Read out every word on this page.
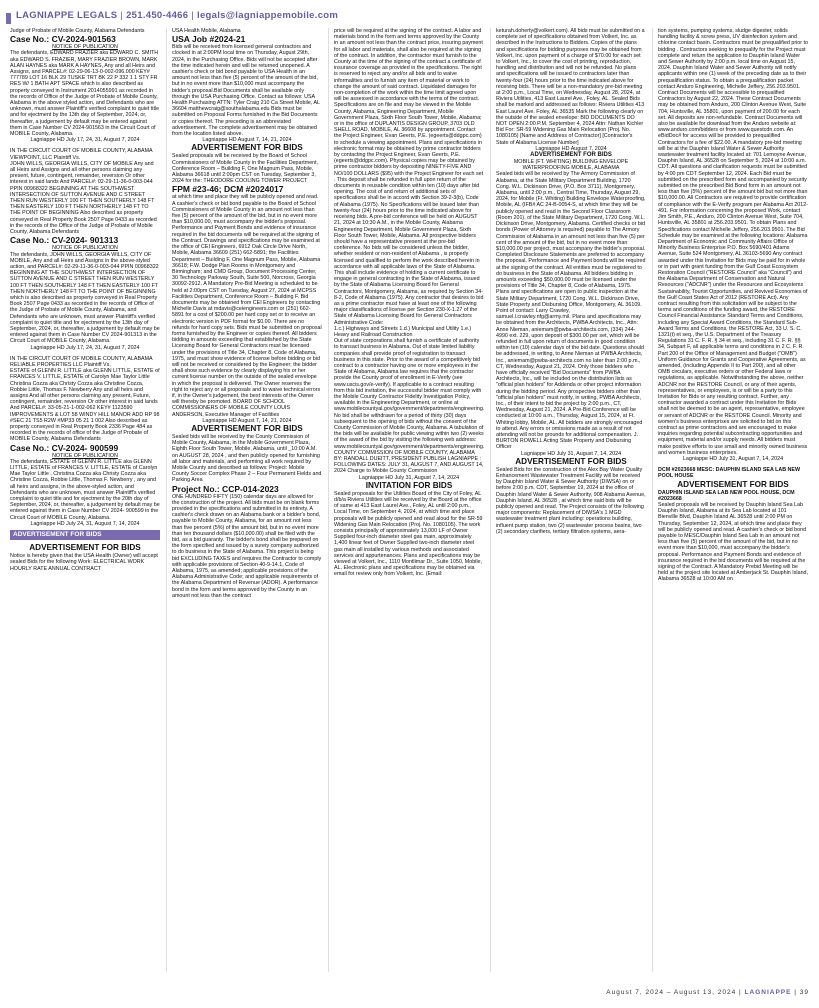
LAGNIAPPE LEGALS | 251.450-4466 | legals@lagniappemobile.com

Judge of Probate of Mobile County, Alabama Defendants

Case No.: CV-2024-901563

NOTICE OF PUBLICATION

The defendants, EDWARD FRAZIER aka EDWARD C. SMITH aka EDWARD S. FRAZIER, MARY FRAZIER BROWN, MARK ALAN HAYNES aka MARK A HAYNES, Any and all Heirs and Assigns, and PARCEL#: 02-29-06-13-0-002-096.000 KEY# 777789 LOT 16 BLK 29 TUSKE TRT BK 22 P 332 1 1 STY FR RES W/ 1 BATH APT SPACE which is also described as property conveyed in Instrument 2014055991 as recorded in the records of Office of the Judge of Probate of Mobile County, Alabama in the above styled action, and Defendants who are unknown, must answer Plaintiff's verified complaint to quiet title and for ejectment by the 13th day of September, 2024, or, thereafter, a judgement by default may be entered against them in Case Number CV 2024-901563 in the Circuit Court of MOBILE County, Alabama.

Lagniappe HD July 17, 24, 31, August 7, 2024

IN THE CIRCUIT COURT OF MOBILE COUNTY, ALABAMA VIEWPOINT, LLC Plaintiff Vs.

JOHN WILLS, GEORGIA WILLS, CITY OF MOBILE Any and all Heirs and Assigns and all other persons claiming any present, future, contingent, remainder, reversion Or other interest in said lands And PARCEL#: 02-29-11-36-0-003-044 PPIN 00968322 BEGINNING AT THE SOUTHWEST INTERSECTION OF SUTTON AVENUE AND C STREET THEN RUN WESTERLY 100 FT THEN SOUTHERLY 148 FT THEN EASTERLY 100 FT THEN NORTHERLY 148 FT TO THE POINT OF BEGINNING Also described as property conveyed in Real Property Book 2507 Page 0433 as recorded in the records of the Office of the Judge of Probate of Mobile County, Alabama Defendants

Case No.: CV-2024- 901313

NOTICE OF PUBLICATION

The defendants, JOHN WILLS, GEORGIA WILLS, CITY OF MOBILE, Any and all Heirs and Assigns in the above-styled action, and PARCEL#: 02-29-11-36-0-003-044 PPIN 00968322 BEGINNING AT THE SOUTHWEST INTERSECTION OF SUTTON AVENUE AND C STREET THEN RUN WESTERLY 100 FT THEN SOUTHERLY 148 FT THEN EASTERLY 100 FT THEN NORTHERLY 148 FT TO THE POINT OF BEGINNING which is also described as property conveyed in Real Property Book 2507 Page 0433 as recorded in the records of Office of the Judge of Probate of Mobile County, Alabama, and Defendants who are unknown, must answer Plaintiff's verified complaint to quiet title and for ejectment by the 13th day of September, 2024, or, thereafter, a judgement by default may be entered against them in Case Number CV 2024-901313 in the Circuit Court of MOBILE County, Alabama.

Lagniappe HD July 17, 24, 31, August 7, 2024

IN THE CIRCUIT COURT OF MOBILE COUNTY, ALABAMA RELIABLE PROPERTIES LLC Plaintiff Vs.

ESTATE of GLENN R. LITTLE aka GLENN LITTLE, ESTATE of FRANCES V. LITTLE, ESTATE of Carolyn Mae Taylor Little Christina Cozza aka Christy Cozza aka Christine Cozza, Robbie Little, Thomas F. Newberry Any and all heirs and assigns And all other persons claiming any present, Future, contingent, remainder, reversion Or other interest in said lands And PARCEL#: 33-05-21-1-002-062 KEY# 1123590 IMPROVEMENTS & LOT 58 WINDY HILL MANOR ADD RP 98 #SEC 21 TS5 R2W #MP33 05 21 1 002 Also described as property conveyed in Real Property Book 2336 Page 484 as recorded in the records of office of the Judge of Probate of MOBILE County, Alabama Defendants

Case No.: CV-2024- 900599

NOTICE OF PUBLICATION

The defendants, ESTATE of GLENN R. LITTLE aka GLENN LITTLE, ESTATE of FRANCES V. LITTLE, ESTATE of Carolyn Mae Taylor Little , Christina Cozza aka Christy Cozza aka Christine Cozza, Robbie Little, Thomas F. Newberry , any and all heirs and assigns, in the above-styled action, and Defendants who are unknown, must answer Plaintiff's verified complaint to quiet title and for ejectment by the 20th day of September, 2024, or, thereafter, a judgement by default may be entered against them in Case Number CV 2024- 900599 in the Circuit Court of MOBILE County, Alabama.

Lagniappe HD July 24, 31, August 7, 14, 2024

ADVERTISEMENT FOR BIDS
ADVERTISEMENT FOR BIDS

Notice is hereby given that the USA Health (Owner) will accept sealed Bids for the following Work: ELECTRICAL WORK HOURLY RATE ANNUAL CONTRACT

USA Health Mobile, Alabama

USA Job #2024-21

Bids will be received from licensed general contractors and clocked in at 2:00PM local time on Thursday, August 29th, 2024, in the Purchasing Office. Bids will not be accepted after the time indicated herein and will be returned unopened. A cashier's check or bid bond payable to USA Health in an amount not less than five (5) percent of the amount of the bid, but in no event more than $10,000 must accompany the bidder's proposal.Bid Documents shall be available only through the USA Purchasing Office. Contact as follows: USA Health Purchasing ATTN: Tyler Craig 210 Ca Street Mobile, AL 36604 matthewcraig@southalabama.edu Bids must be submitted on Proposal Forms furnished in the Bid Documents or copies thereof. The preceding is an abbreviated advertisement. The complete advertisement may be obtained from the location listed above.

Lagniappe HD August 7, 14, 21, 2024

ADVERTISEMENT FOR BIDS

Sealed proposals will be received by the Board of School Commissioners of Mobile County in the Facilities Department, Conference Room – Building F, One Magnum Pass, Mobile, Alabama 36618 until 2:00pm CST on Tuesday, September 3, 2024 for the: THEODORE COOLING TOWER PROJECT

FPM #23-46; DCM #2024017

at which time and place they will be publicly opened and read. A cashier's check or bid bond payable to the Board of School Commissioners of Mobile County in an amount not less than five (5) percent of the amount of the bid, but in no event more than $10,000.00, must accompany the bidder's proposal. Performance and Payment Bonds and evidence of insurance required in the bid documents will be required at the signing of the Contract. Drawings and specifications may be examined at the office of CEI Engineers, 6912 Oak Circle Drive North, Mobile, Alabama 36609 (251) 662-5891; the Facilities Department – Building F, One Magnum Pass, Mobile, Alabama 36618; F.W. Dodge Plan Rooms in Montgomery and Birmingham; and CMD Group, Document Processing Center, 30 Technology Parkway South, Suite 500, Norcross, Georgia 30092-2912. A Mandatory Pre-Bid Meeting is scheduled to be held at 2:00pm CST on Tuesday, August 27, 2024 at MCPSS Facilities Department, Conference Room – Building F. Bid documents may be obtained from CEI Engineers by contacting Michelle Davis at mdavis@ceiengineers.com or (251) 662-5891 for a cost of $200.00 per hard copy set or to receive an electronic version in PDF format for $0.00. There are no refunds for hard copy sets. Bids must be submitted on proposal forms furnished by the Engineer or copies thereof. All bidders bidding in amounts exceeding that established by the State Licensing Board for General Contractors must be licensed under the provisions of Title 34, Chapter 8, Code of Alabama, 1975, and must show evidence of license before bidding or bid will not be received or considered by the Engineer; the bidder shall show such evidence by clearly displaying his or her current license number on the outside of the sealed envelope in which the proposal is delivered. The Owner reserves the right to reject any or all proposals and to waive technical errors if, in the Owner's judgement, the best interests of the Owner will thereby be promoted. BOARD OF SCHOOL COMMISSIONERS OF MOBILE COUNTY LOUIS ANDERSON, Executive Manager of Facilities

Lagniappe HD August 7, 14, 21, 2024

ADVERTISEMENT FOR BIDS

Sealed bids will be received by the County Commission of Mobile County, Alabama, in the Mobile Government Plaza, Eighth Floor South Tower, Mobile, Alabama, until _10:00 A.M. on AUGUST 28, 2024 , and then publicly opened for furnishing all labor and materials, and performing all work required by Mobile County and described as follows: Project: Mobile County Soccer Complex Phase 2 – Four Permanent Fields and Parking Area

Project No.: CCP-014-2023

ONE HUNDRED FIFTY (150) calendar days are allowed for the construction of the project. All bids must be on blank forms provided in the specifications and submitted in its entirety. A cashier's check drawn on an Alabama bank or a bidder's bond, payable to Mobile County, Alabama, for an amount not less than five percent (5%) of the amount bid, but in no event more than ten thousand dollars ($10,000.00) shall be filed with the bid, as a bid guaranty. The bidder's bond shall be prepared on the form specified and issued by a surety company authorized to do business in the State of Alabama. This project is being bid EXCLUDING TAXES and requires the Contractor to comply with applicable provisions of Section 40-9-14.1, Code of Alabama, 1975, as amended; applicable provisions of the Alabama Administrative Code; and applicable requirements of the Alabama Department of Revenue (ADOR). A performance bond in the form and terms approved by the County in an amount not less than the contract

price will be required at the signing of the contract. A labor and materials bond in the form and terms approved by the County in an amount not less than the contract price, insuring payment for all labor and materials, shall also be required at the signing of the contract. In addition, the contractor must furnish to the County at the time of the signing of the contract a certificate of insurance coverage as provided in the specifications. The right is reserved to reject any and/or all bids and to waive informalities and to furnish any item of material or work to change the amount of said contract. Liquidated damages for non-completion of the work within the time limit agreed upon will be assessed in accordance with the terms of the contract. Specifications are on file and may be viewed in the Mobile County, Alabama, Engineering Department, Mobile Government Plaza, Sixth Floor South Tower, Mobile, Alabama; or in the office of DUPLANTIS DESIGN GROUP, 3703 OLD SHELL ROAD, MOBILE, AL 36608 by appointment. Contact the Project Engineer, Evan Geerts, P.E. (egeerts@ddgpc.com) to schedule a viewing appointment. Plans and specifications in electronic format may be obtained by prime contractor bidders by contacting the Project Engineer, Evan Geerts, P.E. (egeerts@ddgpc.com). Physical copies may be obtained by prime contractor bidders by depositing NINETY-FIVE AND NO/100 DOLLARS ($95) with the Project Engineer for each set . This deposit shall be refunded in full upon return of the documents in reusable condition within ten (10) days after bid opening. The cost of and return of additional sets of specifications shall be in accord with Section 39-2-3(b), Code of Alabama (1975). No Specifications will be issued later than twenty-four (24) hours prior to the time indicated above for receiving bids. A pre-bid conference will be held on AUGUST 21, 2024 at 10:30 A.M., in the Mobile County, Alabama Engineering Department, Mobile Government Plaza, Sixth Floor South Tower, Mobile, Alabama. All prospective bidders should have a representative present at the pre-bid conference. No bids will be considered unless the bidder, whether resident or non-resident of Alabama , is properly licensed and qualified to perform the work described herein in accordance with all applicable laws of the State of Alabama. This shall include evidence of holding a current certificate to engage in general contracting in the State of Alabama, issued by the State of Alabama Licensing Board for General Contractors, Montgomery, Alabama, as required by Section 34-8-2, Code of Alabama (1975). Any contractor that desires to bid as a prime contractor must have at least one of the following major classifications of license per Section 230-X-1.27 of the State of Alabama Licensing Board for General Contractors Administrative Code:

1.c.) Highways and Streets 1.d.) Municipal and Utility 1.e.) Heavy and Railroad Construction

Out of state corporations shall furnish a certificate of authority to transact business in Alabama. Out of state limited liability companies shall provide proof of registration to transact business in this state. Prior to the award of a competitively bid contract to a contractor having one or more employees in the State of Alabama, Alabama law requires that the contractor provide the County proof of enrollment in E-Verify (see www.uscis.gov/e-verify). If applicable to a contract resulting from this bid invitation, the successful bidder must comply with the Mobile County Contractor Fidelity Investigation Policy, available in the Engineering Department, or online at www.mobilecountyal.gov/government/departments/engineering. No bid shall be withdrawn for a period of thirty (30) days subsequent to the opening of bids without the consent of the County Commission of Mobile County, Alabama. A tabulation of the bids will be available for public viewing within two (2) weeks of the award of the bid by visiting the following web address: www.mobilecountyal.gov/government/departments/engineering. COUNTY COMMISSION OF MOBILE COUNTY, ALABAMA BY: RANDALL DUEITT, PRESIDENT PUBLISH LAGNIAPPE : FOLLOWING DATES: JULY 31, AUGUST 7, AND AUGUST 14, 2024 Charge to Mobile County Commission

Lagniappe HD July 31, August 7, 14, 2024

INVITATION FOR BIDS

Sealed proposals for the Utilities Board of the City of Foley, AL d/b/a Riviera Utilities will be received by the Board at the office of same at 413 East Laurel Ave., Foley, AL until 2:00 p.m., Local Time, on September 4, 2024, at which time and place proposals will be publicly opened and read aloud for the SR-59 Widening Gas Main Relocation (Proj. No. 1080105). The work consists principally of approximately 13,000 LF of Owner Supplied four-inch diameter steel gas main, approximately 1,400 linear feet of Owner Supplied two-inch diameter steel gas main all installed by various methods and associated services and appurtenances. Plans and specifications may be viewed at Volkert, Inc., 1110 Montlimar Dr., Suite 1050, Mobile, AL. Electronic plans and specifications may be obtained via email for review only from Volkert, Inc. (Email:

keturah.doherty@volkert.com). All bids must be submitted on a complete set of specifications obtained from Volkert, Inc. as described in the Instructions to Bidders. Copies of the plans and specifications for bidding purposes may be obtained from Volkert, Inc. upon payment of a charge of $70.00 for each set to Volkert, Inc., to cover the cost of printing, reproduction, handling and distribution and will not be refunded. No plans and specifications will be issued to contractors later than twenty-four (24) hours prior to the time indicated above for receiving bids. There will be a non-mandatory pre-bid meeting at 2:00 p.m., Local Time, on Wednesday, August 28, 2024, at Riviera Utilities, 413 East Laurel Ave., Foley, AL. Sealed Bids shall be marked and addressed as follows: Riviera Utilities 413 East Laurel Ave. Foley, AL 36535 Mark the following clearly on the outside of the sealed envelope: BID DOCUMENTS DO NOT OPEN 2:00 P.M. September 4, 2024 Attn: Nathan Kichler Bid For: SR-59 Widening Gas Main Relocation (Proj. No. 1080105) [Name and Address of Contractor] [Contractor's State of Alabama License Number]

Lagniappe HD August 7, 2024

ADVERTISEMENT FOR BIDS

MOBILE (FT. WHITING) BUILDING ENVELOPE WATERPROOFING MOBILE, ALABAMA

Sealed bids will be received by The Armory Commission of Alabama, at the State Military Department Building, 1720 Cong. W.L. Dickinson Drive, (P.O. Box 3711), Montgomery, Alabama, until 2:00 p.m., Central Time, Thursday, August 29, 2024, for Mobile (Ft. Whiting) Building Envelope Waterproofing, Mobile, AL (IFB# AC 24-B-0054-S, at which time they will be publicly opened and read in the Second Floor Classroom (Room 201), of the State Military Department, 1720 Cong. W.L. Dickinson Drive, Montgomery, Alabama. Certified checks or bid bonds (Power of Attorney is required) payable to The Armory Commission of Alabama in an amount not less than five (5) per cent of the amount of the bid, but in no event more than $10,000.00 per project, must accompany the bidder's proposal. Completed Disclosure Statements are preferred to accompany the proposal. Performance and Payment bonds will be required at the signing of the contract. All entities must be registered to do business in the State of Alabama. All bidders bidding in amounts exceeding $50,000.00 must be licensed under the provisions of Title 34, Chapter 8, Code of Alabama, 1975. Plans and specifications are open to public inspection at the State Military Department, 1720 Cong. W.L. Dickinson Drive, State Property and Disbursing Office, Montgomery, AL 36109. Point of contact: Larry Crawley, samuel.l.crawley.nfg@army.mil. Plans and specifications may be obtained from the Architects, PWBA Architects, Inc., Attn: Anne Nieman, aniemam@pwba-architects.com, (334) 244-4990 ext. 229, upon deposit of $300.00 per set, which will be refunded in full upon return of documents in good condition within ten (10) calendar days of the bid date. Questions should be addressed, in writing, to Anne Nieman at PWBA Architects, Inc., aniemam@pwba-architects.com no later than 2:00 p.m., CT, Wednesday, August 21, 2024. Only those bidders who have officially received "Bid Documents" from PWBA Architects, Inc., will be included on the distribution lists as "official plan holders" for Addenda or other project information during the bidding period. Any prospective bidders other than "official plan holders" must notify, in writing, PWBA Architects, Inc., of their intent to bid the project by 2:00 p.m., CT, Wednesday, August 21, 2024. A Pre-Bid Conference will be conducted at 10:00 a.m., Thursday, August 15, 2024, at Ft. Whiting lobby, Mobile, AL. All bidders are strongly encouraged to attend. Any errors or omissions made as a result of not attending will not be grounds for additional compensation. J. BURTON ROWELL Acting State Property and Disbursing Officer

Lagniappe HD July 31, August 7, 14, 2024

ADVERTISEMENT FOR BIDS

Sealed Bids for the construction of the Alex Bay Water Quality Enhancement Wastewater Treatment Facility will be received by Dauphin Island Water & Sewer Authority (DIWSA) on or before 2:00 p.m. CDT, September 19, 2024 at the office of Dauphin Island Water & Sewer Authority, 908 Alabama Avenue, Dauphin Island, AL 36528 , at which time said bids will be publicly opened and read. The Project consists of the following major components: Replacement of DIWSA's 1 MGD wastewater treatment plant including: operations building, influent pump station, two (2) wastewater process basins, two (2) secondary clarifiers, tertiary filtration systems, aera-

tion systems, pumping systems, sludge digester, solids handling facility & screw press, UV disinfection system and chlorine contact basin. Contractors must be prequalified prior to bidding . Contractors seeking to prequalify for the Project must complete and return the application to Dauphin Island Water and Sewer Authority by 2:00 p.m. local time on August 15, 2024. Dauphin Island Water and Sewer Authority will notify applicants within one (1) week of the preceding date as to their prequalification status. To obtain a prequalification packet contact Anduro Engineering, Michelle Jeffery, 256.203.9501. Contract Documents will be accessible to prequalified Contractors by August 22, 2024. These Contract Documents may be obtained from Anduro, 200 Clinton Avenue West, Suite 704, Huntsville, AL 35801, upon payment of 200.00 for each set. All deposits are non-refundable. Contract Documents will also be available for download from the Anduro website at: www.anduro.com/bidders or from www.questcdn.com. An eBidDoc# for access will be provided to prequalified Contractors for a fee of $22.00. A mandatory pre-bid meeting will be at the Dauphin Island Water & Sewer Authority wastewater treatment facility located at: 701 Lemoyne Avenue, Dauphin Island, AL 36528 on September 5, 2024 at 10:00 a.m. CDT. All questions and clarification requests must be submitted by 4:00 pm CDT September 12, 2024. Each Bid must be submitted on the prescribed form and accompanied by security submitted on the prescribed Bid Bond form in an amount not less than five (5%) percent of the amount bid but not more than $10,000.00. All Contractors are required to provide certification of compliance with the E-Verify program per Alabama Act 2012-491. For information concerning the proposed Work, contact Jim Smith, P.E., Anduro, 200 Clinton Avenue West, Suite 704, Huntsville, AL 35801 at 256.203.9501. To obtain Plans and Specifications contact Michelle Jeffery, 256.203.9501. The Bid Schedule may be examined at the following locations: Alabama Department of Economic and Community Affairs Office of Minority Business Enterprise P.O. Box 5690/401 Adams Avenue, Suite 524 Montgomery, AL 36103-5690 Any contract awarded under this Invitation for Bids may be paid for in whole or in part with grant funding from the Gulf Coast Ecosystem Restoration Council ("RESTORE Council" aka "Council") and the Alabama Department of Conservation and Natural Resources ("ADCNR") under the Resources and Ecosystems Sustainability, Tourist Opportunities, and Revived Economies of the Gulf Coast States Act of 2012 (RESTORE Act). Any contract resulting from this solicitation will be subject to the terms and conditions of the funding award, the RESTORE Council Financial Assistance Standard Terms and Conditions, including any Special Award Conditions, the Standard Sub-Award Terms and Conditions, the RESTORE Act, 33 U. S. C. 1321(t) et seq., the U.S. Department of the Treasury Regulations 31 C. F. R. § 34 et seq., including 31 C. F. R. §§ 34, Subpart F, all applicable terms and conditions in 2 C. F. R. Part 200 of the Office of Management and Budget ("OMB") Uniform Guidance for Grants and Cooperative Agreements, as amended, (including Appendix II to Part 200), and all other OMB circulars, executive orders or other Federal laws or regulations, as applicable. Notwithstanding the above, neither ADCNR nor the RESTORE Council, or any of their agents, representatives, or employees, is or will be a party to this Invitation for Bids or any resulting contract. Further, any contractor awarded a contract under this Invitation for Bids shall not be deemed to be an agent, representative, employee or servant of ADCNR or the RESTORE Council. Minority and women's business enterprises are solicited to bid on this contract as prime contractors and are encouraged to make inquiries regarding potential subcontracting opportunities and equipment, material and/or supply needs. All bidders must make positive efforts to use small and minority owned business and women business enterprises.

Lagniappe HD July 31, August 7, 14, 2024

DCM #2023668 MESC: DAUPHIN ISLAND SEA LAB NEW POOL HOUSE

ADVERTISEMENT FOR BIDS

DAUPHIN ISLAND SEA LAB NEW POOL HOUSE, DCM #2023668

Sealed proposals will be received by Dauphin Island Sea Lab Dauphin Island, Alabama at its Sea Lab located at 101 Bienville Blvd, Dauphin Island AL 36528 until 2:00 PM on Thursday, September 12, 2024, at which time and place they will be publicly opened and read. A cashier's check or bid bond payable to MESC/Dauphin Island Sea Lab in an amount not less than five (5) percent of the amount of the bid, but in no event more than $10,000, must accompany the bidder's proposal. Performance and Payment Bonds and evidence of insurance required in the bid documents will be required at the signing of the Contract. A Mandatory Prebid Meeting will be held at the project site located at Amberjack St. Dauphin Island, Alabama 36528 at 10:00 AM on

August 7, 2024 – August 13, 2024 | LAGNIAPPE | 39
